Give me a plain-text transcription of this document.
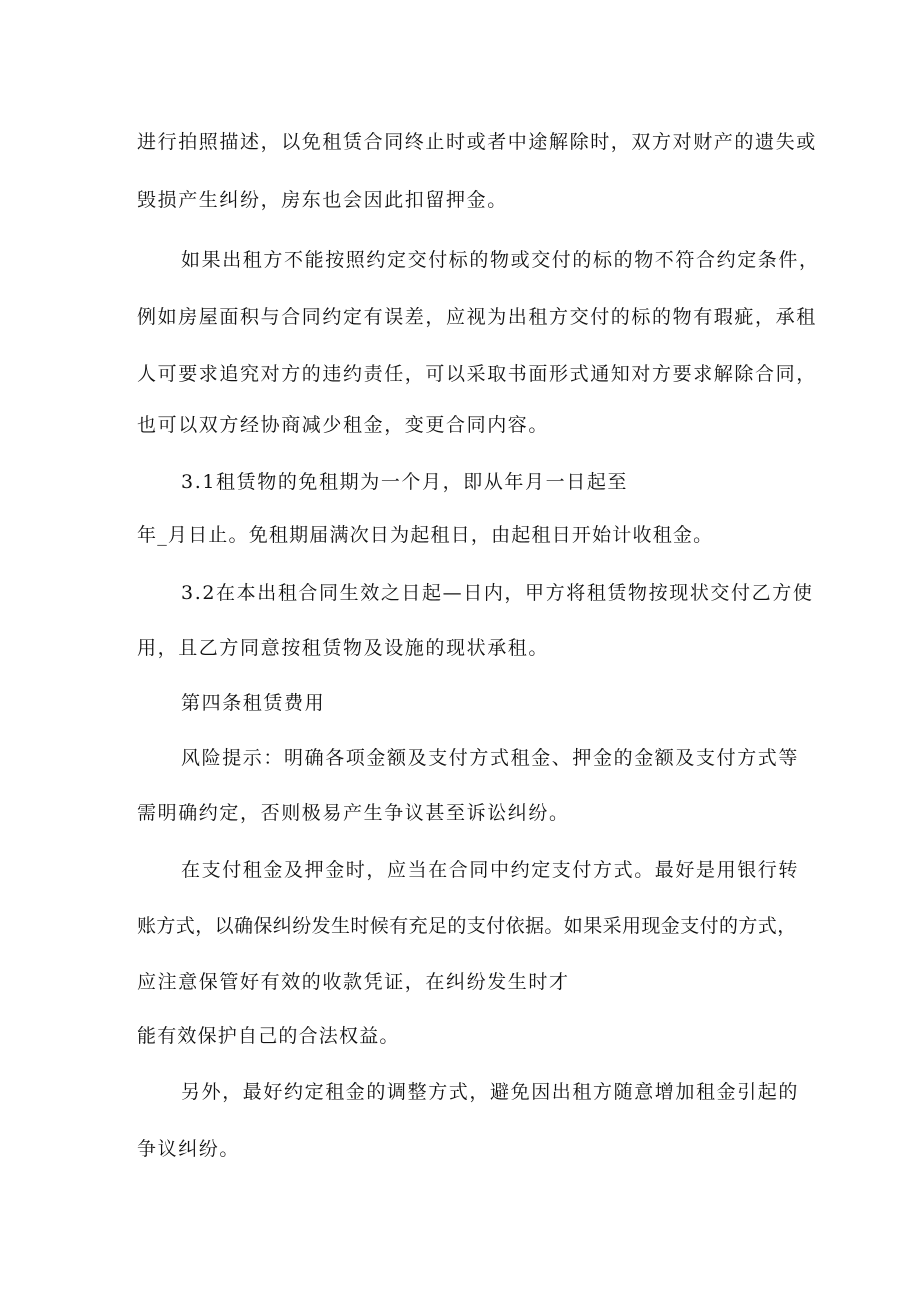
进行拍照描述，以免租赁合同终止时或者中途解除时，双方对财产的遗失或
毁损产生纠纷，房东也会因此扣留押金。
如果出租方不能按照约定交付标的物或交付的标的物不符合约定条件，
例如房屋面积与合同约定有误差，应视为出租方交付的标的物有瑕疵，承租
人可要求追究对方的违约责任，可以采取书面形式通知对方要求解除合同，
也可以双方经协商减少租金，变更合同内容。
3.1租赁物的免租期为一个月，即从年月一日起至
年_月日止。免租期届满次日为起租日，由起租日开始计收租金。
3.2在本出租合同生效之日起—日内，甲方将租赁物按现状交付乙方使
用，且乙方同意按租赁物及设施的现状承租。
第四条租赁费用
风险提示：明确各项金额及支付方式租金、押金的金额及支付方式等
需明确约定，否则极易产生争议甚至诉讼纠纷。
在支付租金及押金时，应当在合同中约定支付方式。最好是用银行转
账方式，以确保纠纷发生时候有充足的支付依据。如果采用现金支付的方式，
应注意保管好有效的收款凭证，在纠纷发生时才
能有效保护自己的合法权益。
另外，最好约定租金的调整方式，避免因出租方随意增加租金引起的
争议纠纷。
